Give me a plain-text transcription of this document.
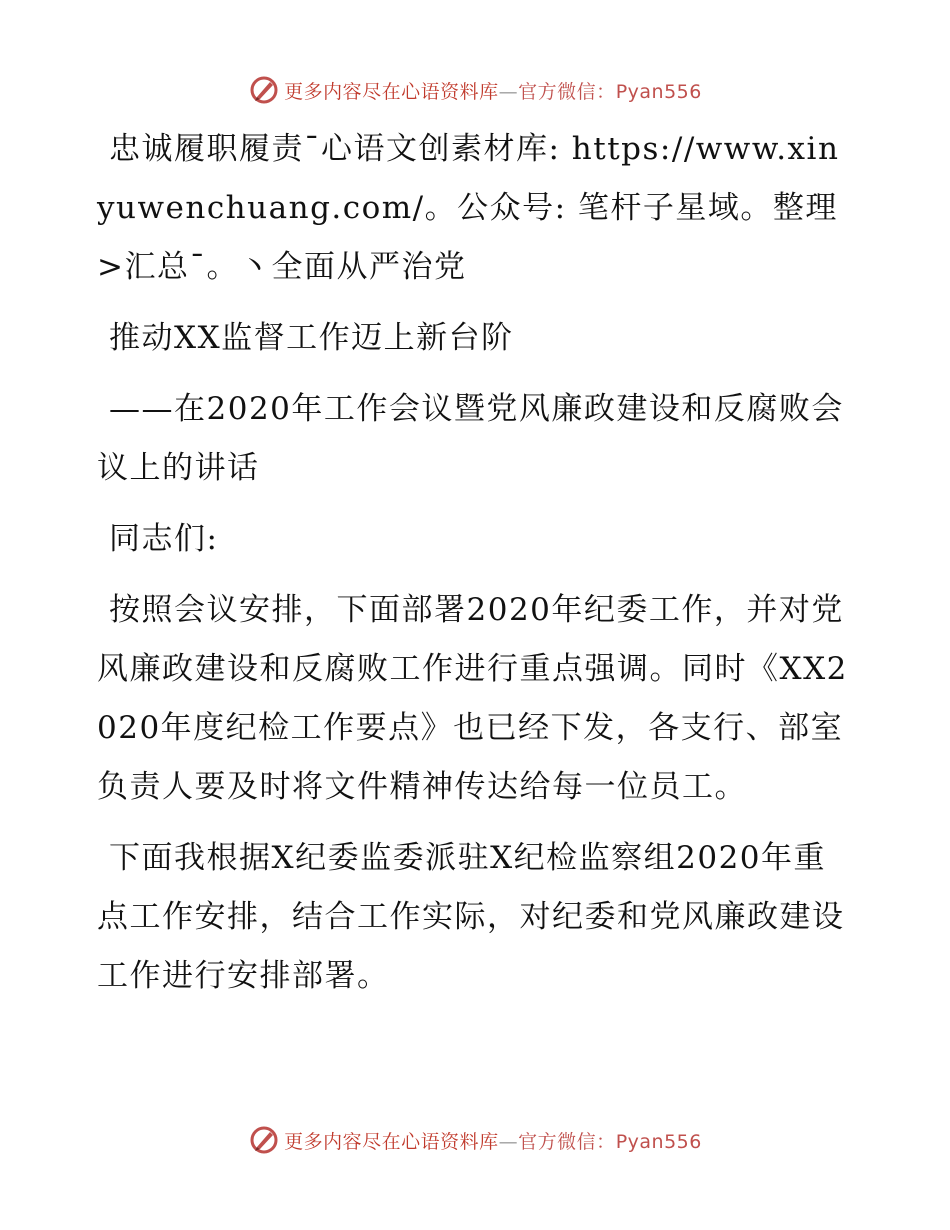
更多内容尽在心语资料库—官方微信：Pyan556

忠诚履职履责¯心语文创素材库: https://www.xinyuwenchuang.com/。公众号: 笔杆子星域。整理>汇总¯。丶全面从严治党

推动XX监督工作迈上新台阶

——在2020年工作会议暨党风廉政建设和反腐败会议上的讲话

同志们:

按照会议安排，下面部署2020年纪委工作，并对党风廉政建设和反腐败工作进行重点强调。同时《XX2020年度纪检工作要点》也已经下发，各支行、部室负责人要及时将文件精神传达给每一位员工。

下面我根据X纪委监委派驻X纪检监察组2020年重点工作安排，结合工作实际，对纪委和党风廉政建设工作进行安排部署。

更多内容尽在心语资料库—官方微信：Pyan556
